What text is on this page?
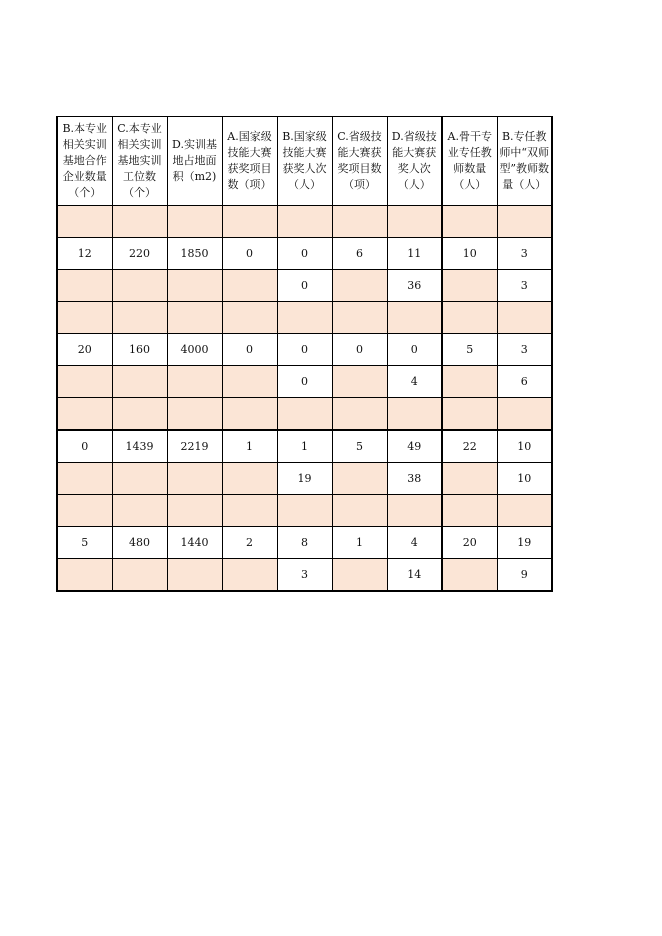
B.本专业相关实训基地合作企业数量（个）	C.本专业相关实训基地实训工位数（个）	D.实训基地占地面积（m2)	A.国家级技能大赛获奖项目数（项）	B.国家级技能大赛获奖人次（人）	C.省级技能大赛获奖项目数（项）	D.省级技能大赛获奖人次（人）	A.骨干专业专任教师数量（人）	B.专任教师中“双师型”教师数量（人）

12	220	1850	0	0	6	11	10	3
				0		36		3

20	160	4000	0	0	0	0	5	3
				0		4		6

0	1439	2219	1	1	5	49	22	10
				19		38		10

5	480	1440	2	8	1	4	20	19
				3		14		9
